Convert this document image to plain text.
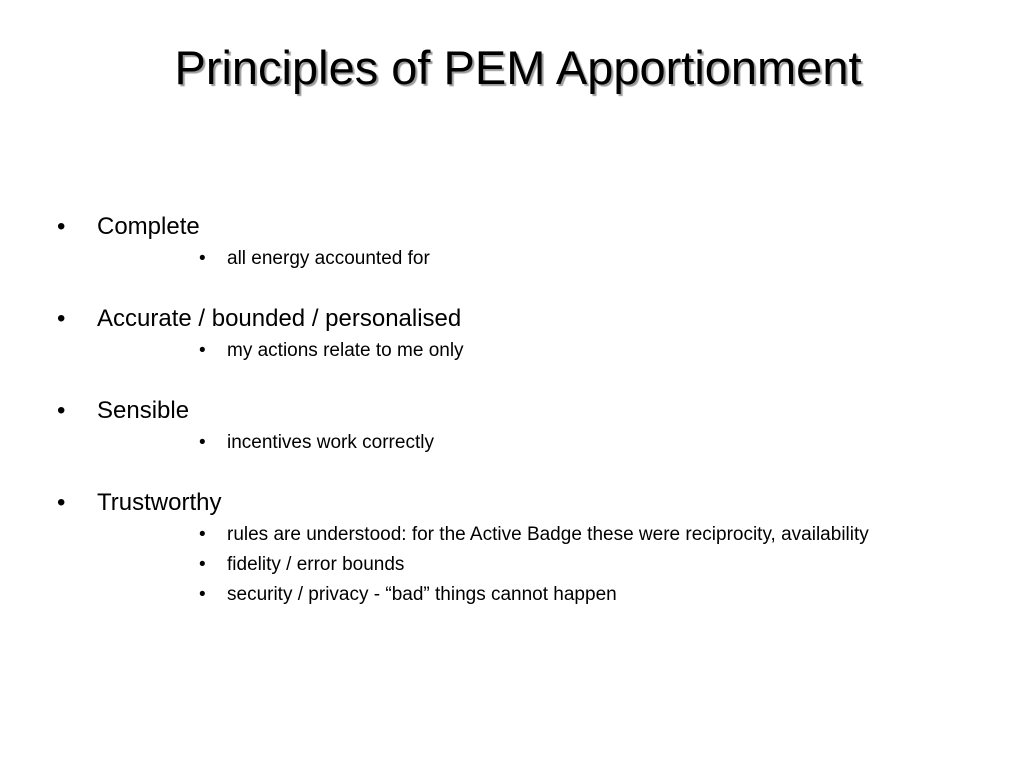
Principles of PEM Apportionment
• Complete
• all energy accounted for
• Accurate / bounded / personalised
• my actions relate to me only
• Sensible
• incentives work correctly
• Trustworthy
• rules are understood: for the Active Badge these were reciprocity, availability
• fidelity / error bounds
• security / privacy - “bad” things cannot happen
